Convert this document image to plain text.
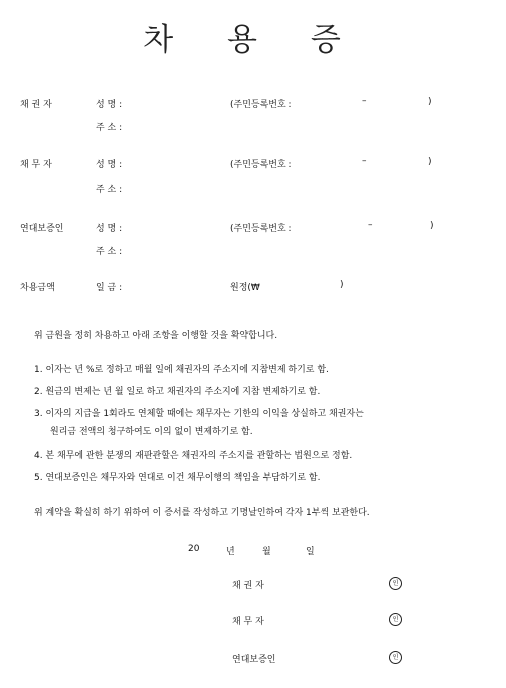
차 용 증
채 권 자	성 명 :	(주민등록번호 :	–	)
주 소 :
채 무 자	성 명 :	(주민등록번호 :	–	)
주 소 :
연대보증인	성 명 :	(주민등록번호 :	–	)
주 소 :
차용금액	일 금 :	원정(₩	)
위 금원을 정히 차용하고 아래 조항을 이행할 것을 확약합니다.
1. 이자는 년 %로 정하고 매월 일에 채권자의 주소지에 지참변제 하기로 함.
2. 원금의 변제는 년 월 일로 하고 채권자의 주소지에 지참 변제하기로 함.
3. 이자의 지급을 1회라도 연체할 때에는 채무자는 기한의 이익을 상실하고 채권자는
원리금 전액의 청구하여도 이의 없이 변제하기로 함.
4. 본 채무에 관한 분쟁의 재판관할은 채권자의 주소지를 관할하는 법원으로 정함.
5. 연대보증인은 채무자와 연대로 이건 채무이행의 책임을 부담하기로 함.
위 계약을 확실히 하기 위하여 이 증서를 작성하고 기명날인하여 각자 1부씩 보관한다.
20	년	월	일
채 권 자	인
채 무 자	인
연대보증인	인
